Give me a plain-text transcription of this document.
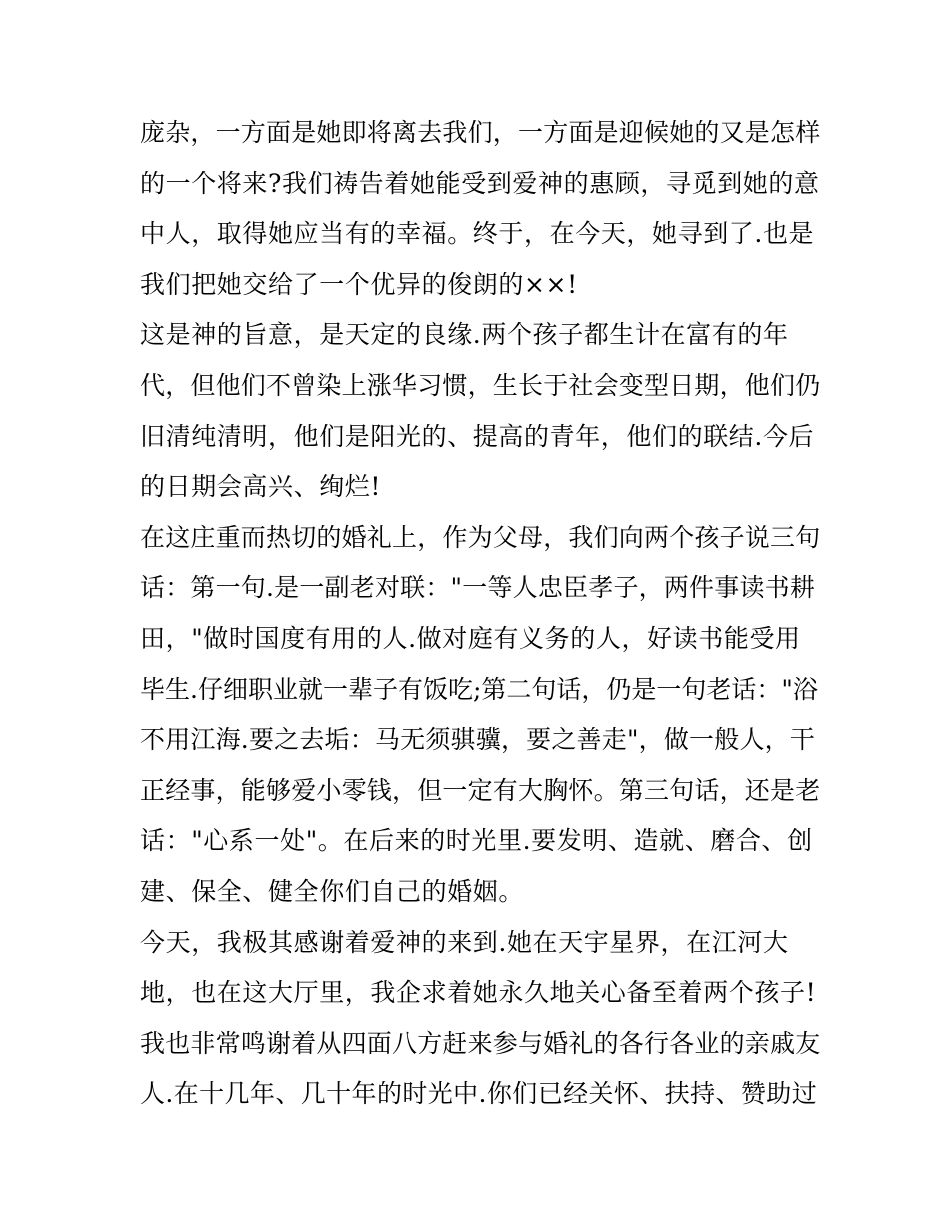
庞杂，一方面是她即将离去我们，一方面是迎候她的又是怎样
的一个将来?我们祷告着她能受到爱神的惠顾，寻觅到她的意
中人，取得她应当有的幸福。终于，在今天，她寻到了.也是
我们把她交给了一个优异的俊朗的××!
这是神的旨意，是天定的良缘.两个孩子都生计在富有的年
代，但他们不曾染上涨华习惯，生长于社会变型日期，他们仍
旧清纯清明，他们是阳光的、提高的青年，他们的联结.今后
的日期会高兴、绚烂!
在这庄重而热切的婚礼上，作为父母，我们向两个孩子说三句
话：第一句.是一副老对联："一等人忠臣孝子，两件事读书耕
田，"做时国度有用的人.做对庭有义务的人，好读书能受用
毕生.仔细职业就一辈子有饭吃;第二句话，仍是一句老话："浴
不用江海.要之去垢：马无须骐骥，要之善走"，做一般人，干
正经事，能够爱小零钱，但一定有大胸怀。第三句话，还是老
话："心系一处"。在后来的时光里.要发明、造就、磨合、创
建、保全、健全你们自己的婚姻。
今天，我极其感谢着爱神的来到.她在天宇星界，在江河大
地，也在这大厅里，我企求着她永久地关心备至着两个孩子!
我也非常鸣谢着从四面八方赶来参与婚礼的各行各业的亲戚友
人.在十几年、几十年的时光中.你们已经关怀、扶持、赞助过
